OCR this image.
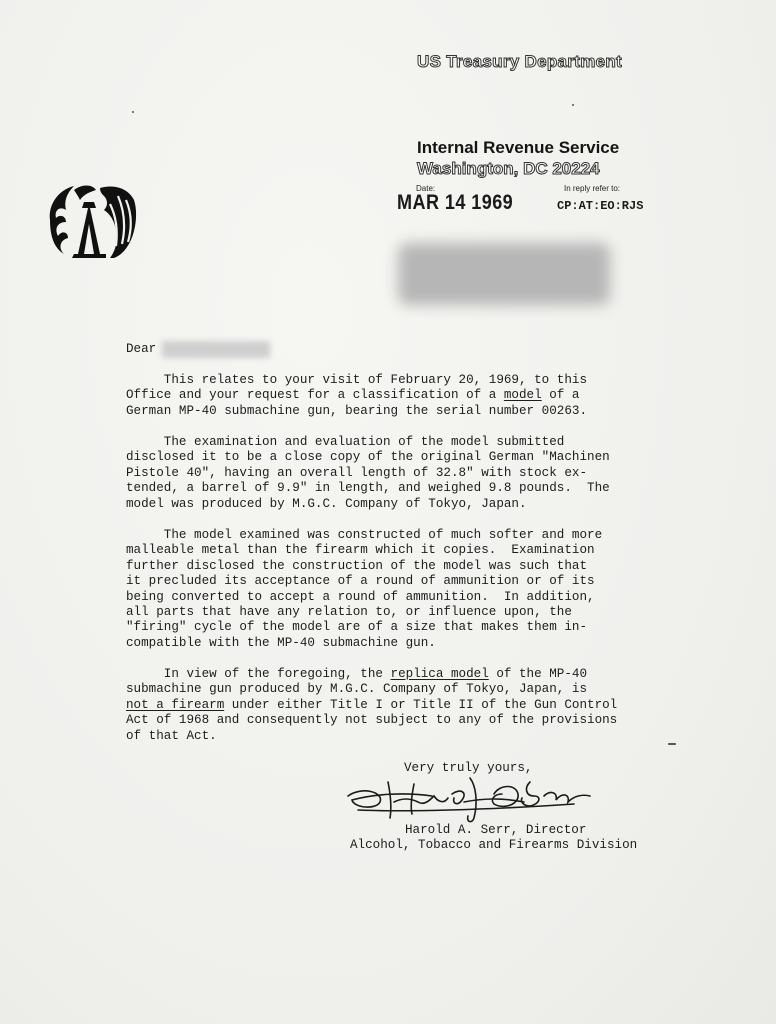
US Treasury Department
Internal Revenue Service
Washington, DC 20224
Date:
MAR 14 1969
In reply refer to:
CP:AT:EO:RJS
Dear
This relates to your visit of February 20, 1969, to this
Office and your request for a classification of a model of a
German MP-40 submachine gun, bearing the serial number 00263.
The examination and evaluation of the model submitted
disclosed it to be a close copy of the original German "Machinen
Pistole 40", having an overall length of 32.8" with stock ex-
tended, a barrel of 9.9" in length, and weighed 9.8 pounds.  The
model was produced by M.G.C. Company of Tokyo, Japan.
The model examined was constructed of much softer and more
malleable metal than the firearm which it copies.  Examination
further disclosed the construction of the model was such that
it precluded its acceptance of a round of ammunition or of its
being converted to accept a round of ammunition.  In addition,
all parts that have any relation to, or influence upon, the
"firing" cycle of the model are of a size that makes them in-
compatible with the MP-40 submachine gun.
In view of the foregoing, the replica model of the MP-40
submachine gun produced by M.G.C. Company of Tokyo, Japan, is
not a firearm under either Title I or Title II of the Gun Control
Act of 1968 and consequently not subject to any of the provisions
of that Act.
Very truly yours,
Harold A. Serr, Director
Alcohol, Tobacco and Firearms Division
